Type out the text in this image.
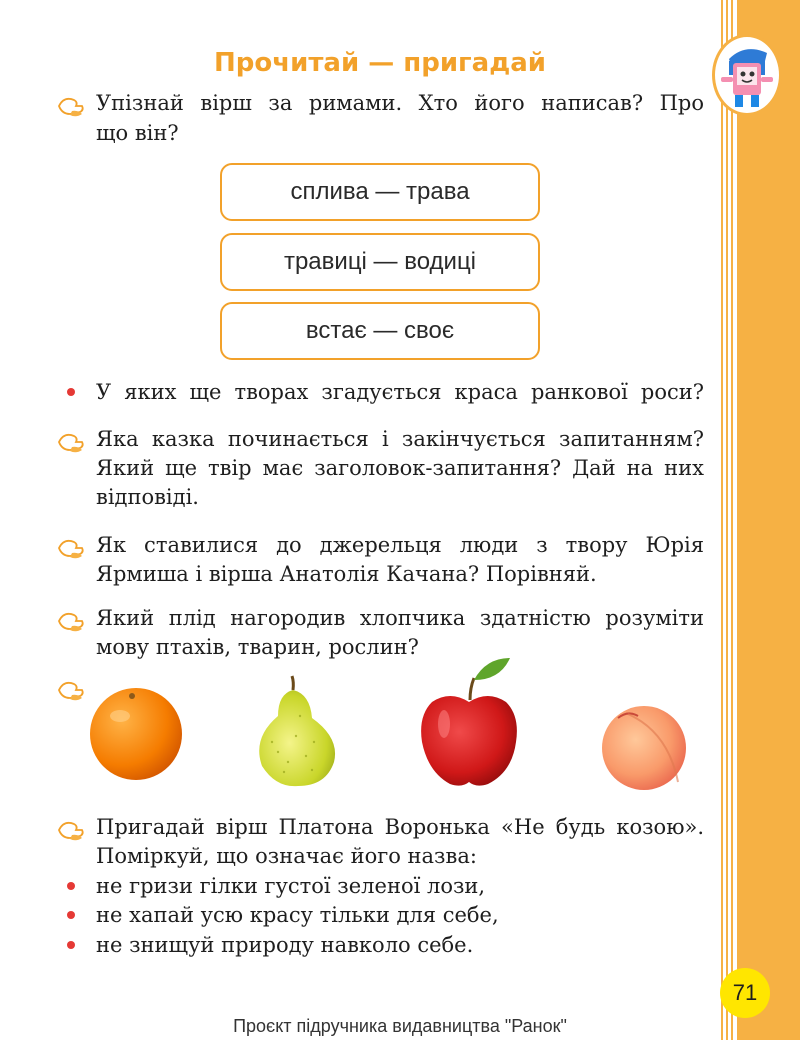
Прочитай — пригадай
Упізнай вірш за римами. Хто його написав? Про
що він?
сплива — трава
травиці — водиці
встає — своє
У яких ще творах згадується краса ранкової роси?
Яка казка починається і закінчується запитанням?
Який ще твір має заголовок-запитання? Дай на них
відповіді.
Як ставилися до джерельця люди з твору Юрія
Ярмиша і вірша Анатолія Качана? Порівняй.
Який плід нагородив хлопчика здатністю розуміти
мову птахів, тварин, рослин?
Пригадай вірш Платона Воронька «Не будь козою».
Поміркуй, що означає його назва:
не гризи гілки густої зеленої лози,
не хапай усю красу тільки для себе,
не знищуй природу навколо себе.
71
Проєкт підручника видавництва "Ранок"
